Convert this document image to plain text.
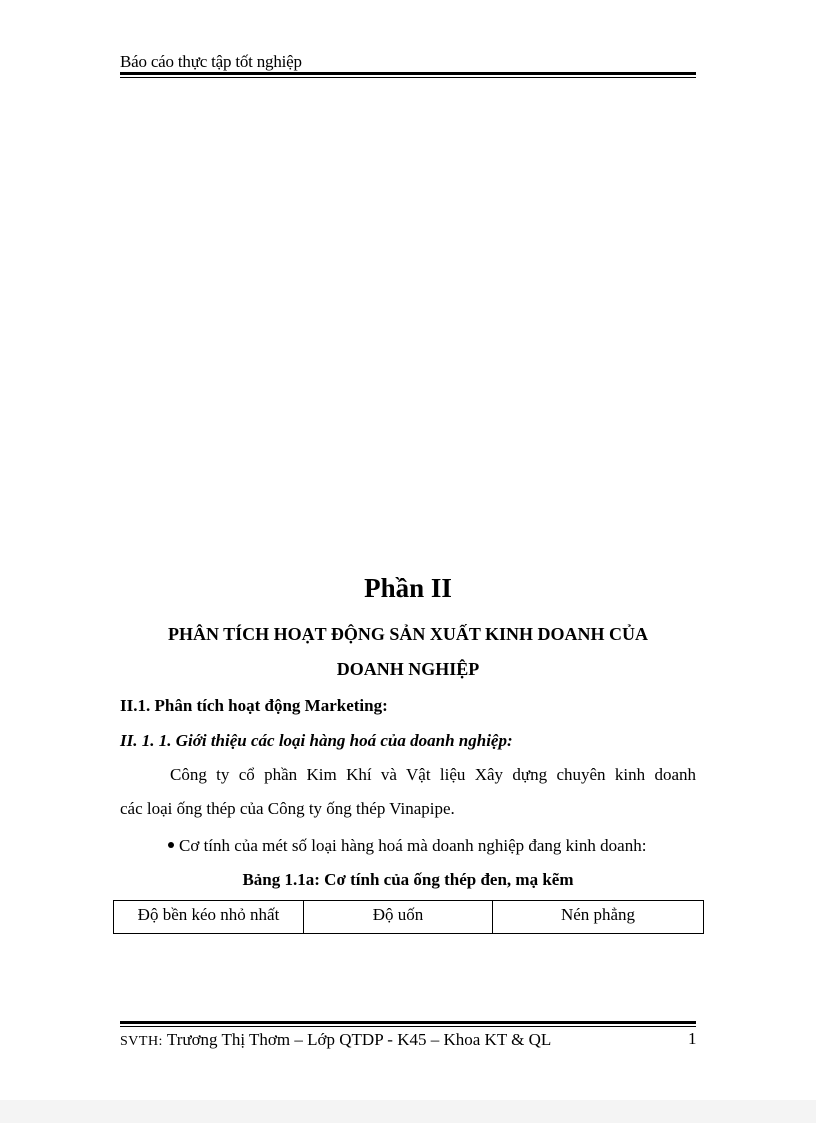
Báo cáo thực tập tốt nghiệp
Phần II
PHÂN TÍCH HOẠT ĐỘNG SẢN XUẤT KINH DOANH CỦA
DOANH NGHIỆP
II.1. Phân tích hoạt động Marketing:
II. 1. 1. Giới thiệu các loại hàng hoá của doanh nghiệp:
Công ty cổ phần Kim Khí và Vật liệu Xây dựng chuyên kinh doanh
các loại ống thép của Công ty ống thép Vinapipe.
Cơ tính của mét số loại hàng hoá mà doanh nghiệp đang kinh doanh:
Bảng 1.1a: Cơ tính của ống thép đen, mạ kẽm
Độ bền kéo nhỏ nhất	Độ uốn	Nén phẳng
SVTH: Trương Thị Thơm – Lớp QTDP - K45 – Khoa KT & QL	1
